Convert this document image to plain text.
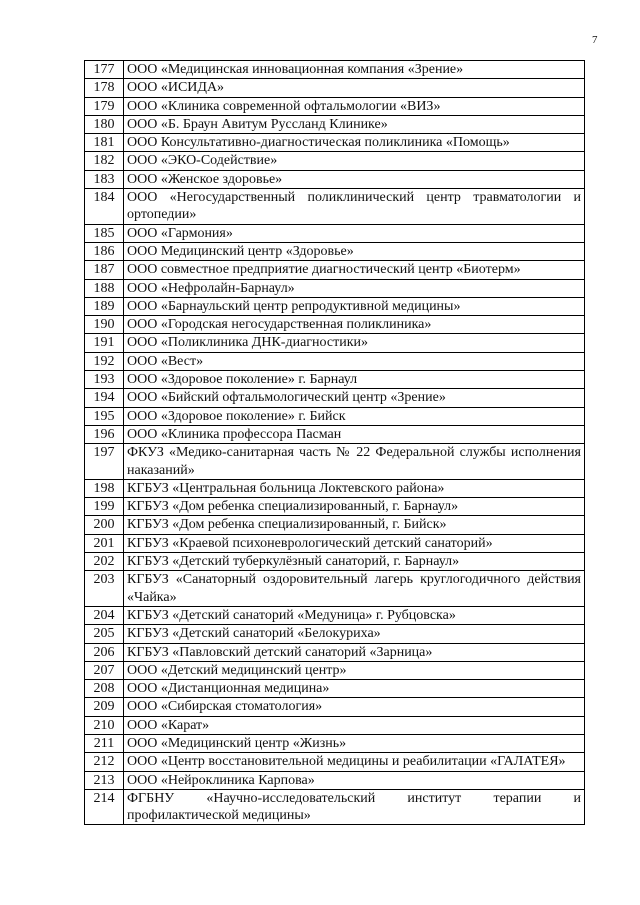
7
177	ООО «Медицинская инновационная компания «Зрение»
178	ООО «ИСИДА»
179	ООО «Клиника современной офтальмологии «ВИЗ»
180	ООО «Б. Браун Авитум Руссланд Клинике»
181	ООО Консультативно-диагностическая поликлиника «Помощь»
182	ООО «ЭКО-Содействие»
183	ООО «Женское здоровье»
184	ООО «Негосударственный поликлинический центр травматологии и ортопедии»
185	ООО «Гармония»
186	ООО Медицинский центр «Здоровье»
187	ООО совместное предприятие диагностический центр «Биотерм»
188	ООО «Нефролайн-Барнаул»
189	ООО «Барнаульский центр репродуктивной медицины»
190	ООО «Городская негосударственная поликлиника»
191	ООО «Поликлиника ДНК-диагностики»
192	ООО «Вест»
193	ООО «Здоровое поколение» г. Барнаул
194	ООО «Бийский офтальмологический центр «Зрение»
195	ООО «Здоровое поколение» г. Бийск
196	ООО «Клиника профессора Пасман
197	ФКУЗ «Медико-санитарная часть № 22 Федеральной службы исполнения наказаний»
198	КГБУЗ «Центральная больница Локтевского района»
199	КГБУЗ «Дом ребенка специализированный, г. Барнаул»
200	КГБУЗ «Дом ребенка специализированный, г. Бийск»
201	КГБУЗ «Краевой психоневрологический детский санаторий»
202	КГБУЗ «Детский туберкулёзный санаторий, г. Барнаул»
203	КГБУЗ «Санаторный оздоровительный лагерь круглогодичного действия «Чайка»
204	КГБУЗ «Детский санаторий «Медуница» г. Рубцовска»
205	КГБУЗ «Детский санаторий «Белокуриха»
206	КГБУЗ «Павловский детский санаторий «Зарница»
207	ООО «Детский медицинский центр»
208	ООО «Дистанционная медицина»
209	ООО «Сибирская стоматология»
210	ООО «Карат»
211	ООО «Медицинский центр «Жизнь»
212	ООО «Центр восстановительной медицины и реабилитации «ГАЛАТЕЯ»
213	ООО «Нейроклиника Карпова»
214	ФГБНУ «Научно-исследовательский институт терапии и профилактической медицины»
